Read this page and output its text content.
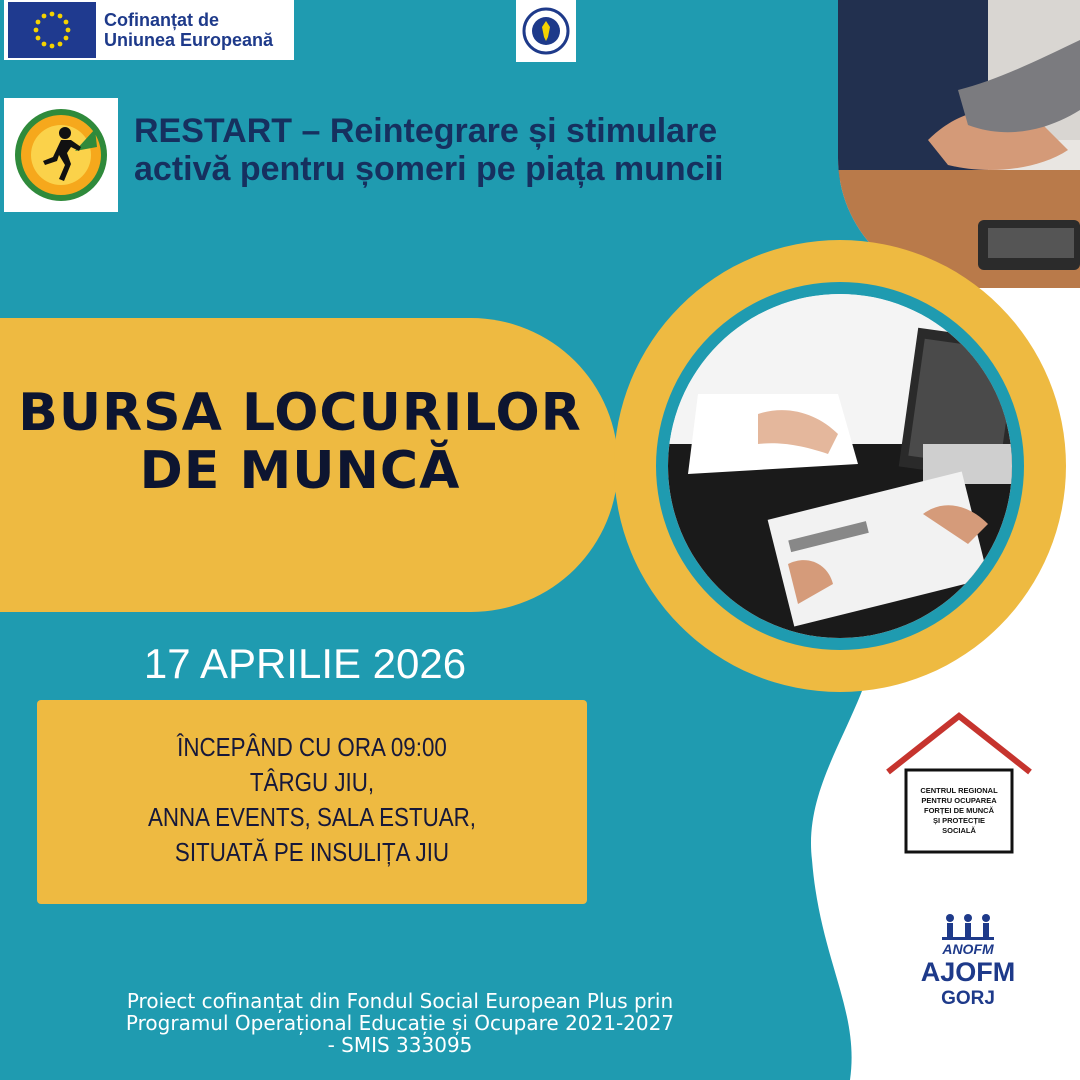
Cofinanțat de
Uniunea Europeană
RESTART – Reintegrare și stimulare
activă pentru șomeri pe piața muncii
BURSA LOCURILOR
DE MUNCĂ
17 APRILIE 2026
ÎNCEPÂND CU ORA 09:00
TÂRGU JIU,
ANNA EVENTS, SALA ESTUAR,
SITUATĂ PE INSULIȚA JIU
CENTRUL REGIONAL
PENTRU OCUPAREA
FORȚEI DE MUNCĂ
ȘI PROTECȚIE
SOCIALĂ
ANOFM
AJOFM
GORJ
Proiect cofinanțat din Fondul Social European Plus prin
Programul Operațional Educație și Ocupare 2021-2027
- SMIS 333095
